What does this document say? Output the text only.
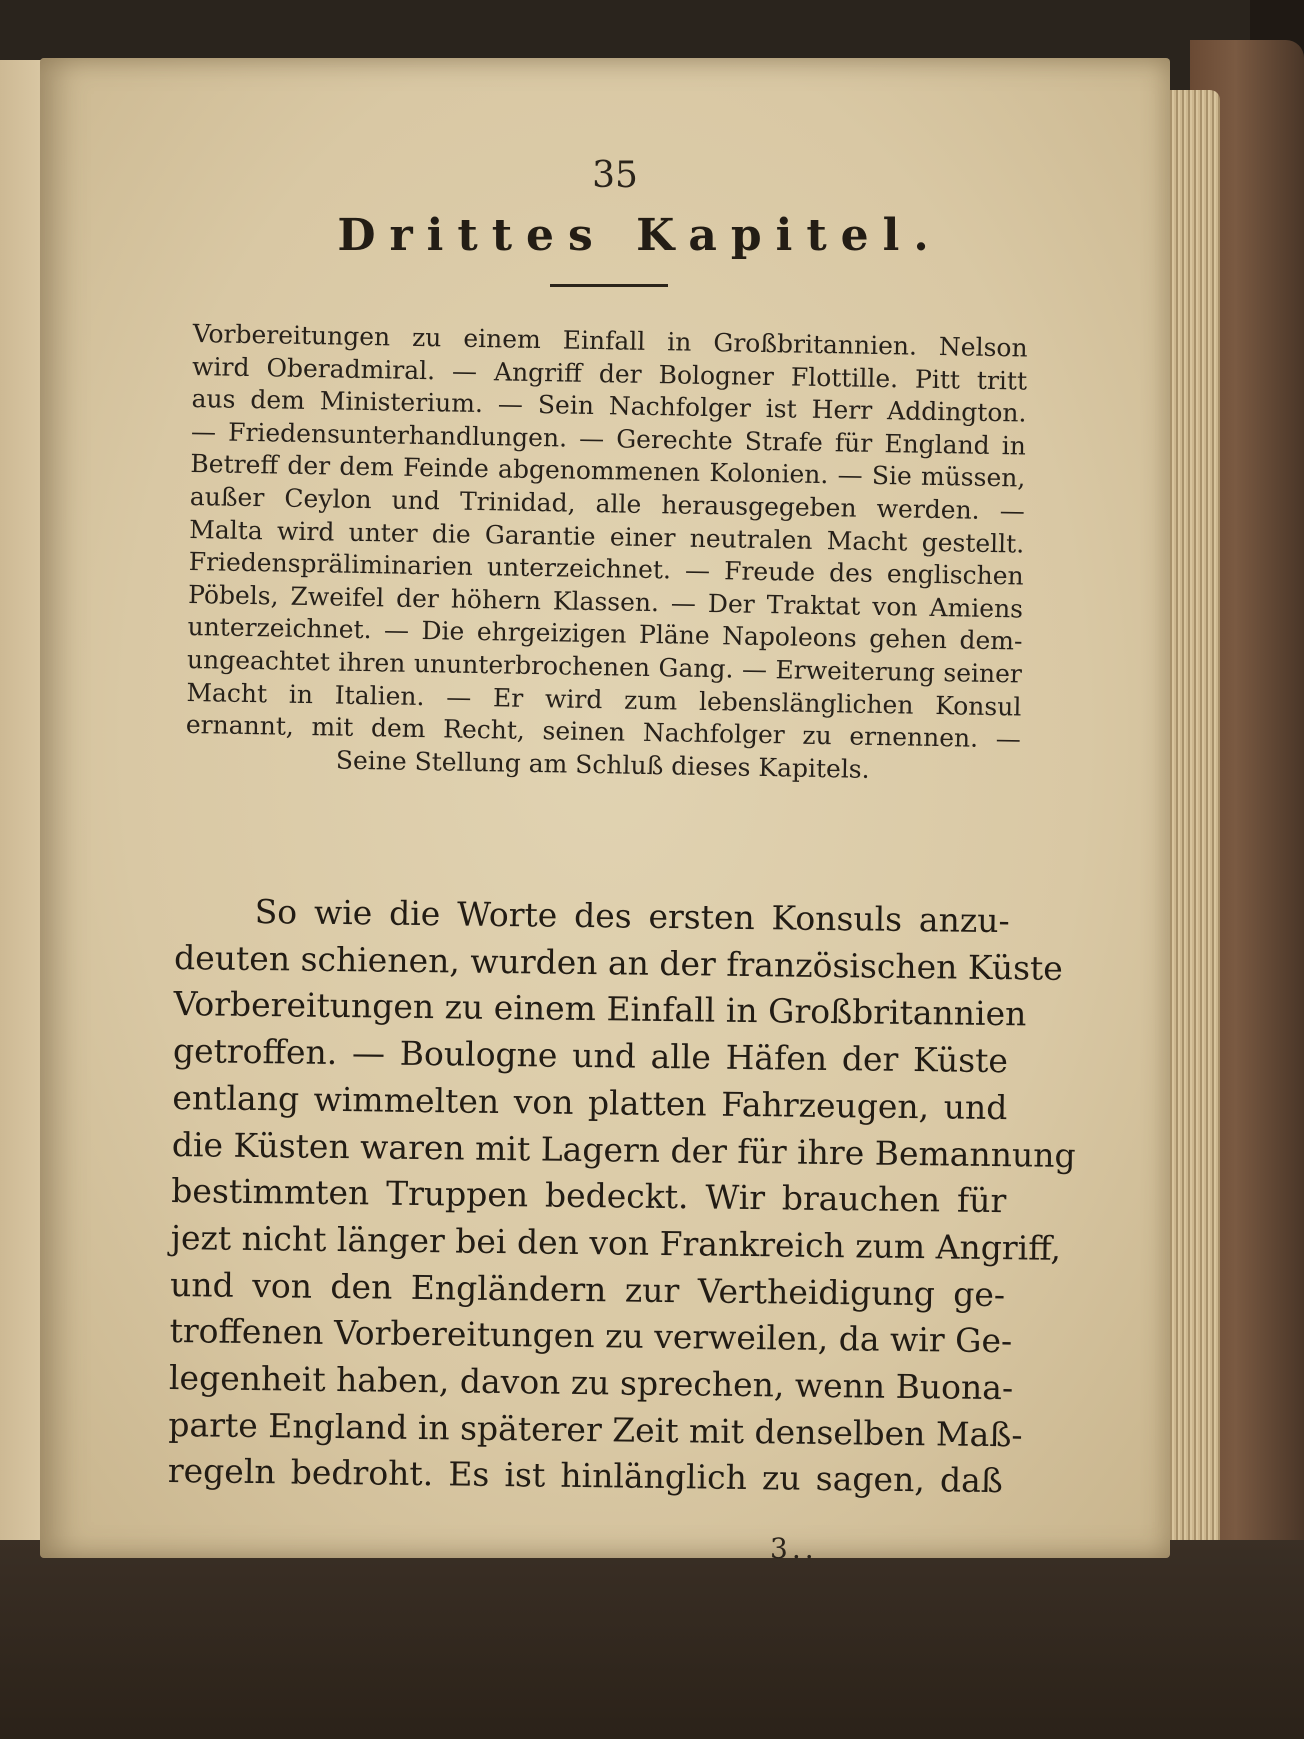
35
Drittes Kapitel.
Vorbereitungen zu einem Einfall in Großbritannien. Nelson
wird Oberadmiral. — Angriff der Bologner Flottille. Pitt tritt
aus dem Ministerium. — Sein Nachfolger ist Herr Addington.
— Friedensunterhandlungen. — Gerechte Strafe für England in
Betreff der dem Feinde abgenommenen Kolonien. — Sie müssen,
außer Ceylon und Trinidad, alle herausgegeben werden. —
Malta wird unter die Garantie einer neutralen Macht gestellt.
Friedenspräliminarien unterzeichnet. — Freude des englischen
Pöbels, Zweifel der höhern Klassen. — Der Traktat von Amiens
unterzeichnet. — Die ehrgeizigen Pläne Napoleons gehen dem-
ungeachtet ihren ununterbrochenen Gang. — Erweiterung seiner
Macht in Italien. — Er wird zum lebenslänglichen Konsul
ernannt, mit dem Recht, seinen Nachfolger zu ernennen. —
Seine Stellung am Schluß dieses Kapitels.
So wie die Worte des ersten Konsuls anzu-
deuten schienen, wurden an der französischen Küste
Vorbereitungen zu einem Einfall in Großbritannien
getroffen. — Boulogne und alle Häfen der Küste
entlang wimmelten von platten Fahrzeugen, und
die Küsten waren mit Lagern der für ihre Bemannung
bestimmten Truppen bedeckt. Wir brauchen für
jezt nicht länger bei den von Frankreich zum Angriff,
und von den Engländern zur Vertheidigung ge-
troffenen Vorbereitungen zu verweilen, da wir Ge-
legenheit haben, davon zu sprechen, wenn Buona-
parte England in späterer Zeit mit denselben Maß-
regeln bedroht. Es ist hinlänglich zu sagen, daß
3..
